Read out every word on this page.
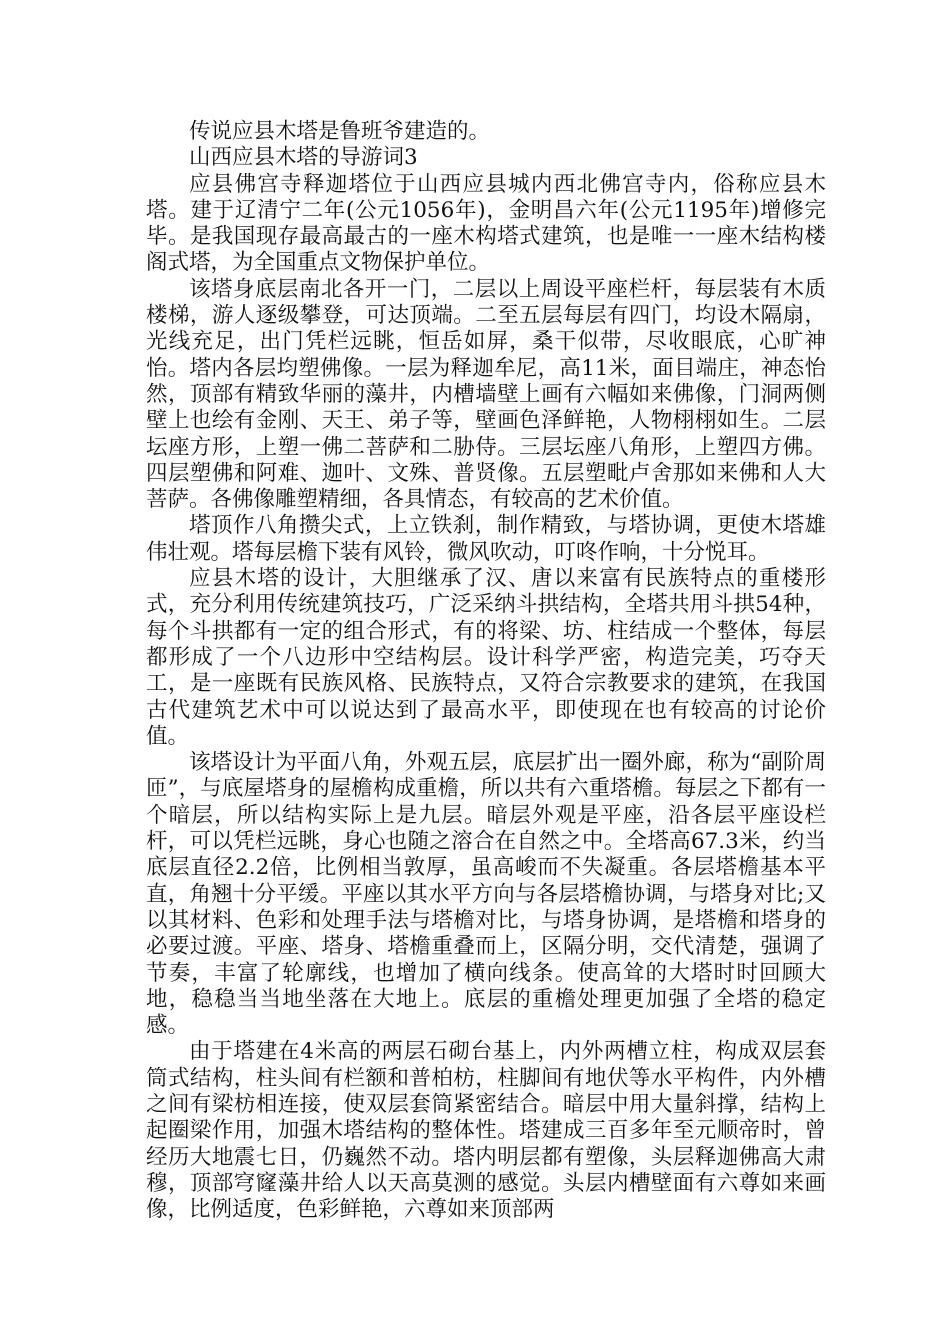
传说应县木塔是鲁班爷建造的。

山西应县木塔的导游词3

应县佛宫寺释迦塔位于山西应县城内西北佛宫寺内，俗称应县木塔。建于辽清宁二年(公元1056年)，金明昌六年(公元1195年)增修完毕。是我国现存最高最古的一座木构塔式建筑，也是唯一一座木结构楼阁式塔，为全国重点文物保护单位。

该塔身底层南北各开一门，二层以上周设平座栏杆，每层装有木质楼梯，游人逐级攀登，可达顶端。二至五层每层有四门，均设木隔扇，光线充足，出门凭栏远眺，恒岳如屏，桑干似带，尽收眼底，心旷神怡。塔内各层均塑佛像。一层为释迦牟尼，高11米，面目端庄，神态怡然，顶部有精致华丽的藻井，内槽墙壁上画有六幅如来佛像，门洞两侧壁上也绘有金刚、天王、弟子等，壁画色泽鲜艳，人物栩栩如生。二层坛座方形，上塑一佛二菩萨和二胁侍。三层坛座八角形，上塑四方佛。四层塑佛和阿难、迦叶、文殊、普贤像。五层塑毗卢舍那如来佛和人大菩萨。各佛像雕塑精细，各具情态，有较高的艺术价值。

塔顶作八角攒尖式，上立铁刹，制作精致，与塔协调，更使木塔雄伟壮观。塔每层檐下装有风铃，微风吹动，叮咚作响，十分悦耳。

应县木塔的设计，大胆继承了汉、唐以来富有民族特点的重楼形式，充分利用传统建筑技巧，广泛采纳斗拱结构，全塔共用斗拱54种，每个斗拱都有一定的组合形式，有的将梁、坊、柱结成一个整体，每层都形成了一个八边形中空结构层。设计科学严密，构造完美，巧夺天工，是一座既有民族风格、民族特点，又符合宗教要求的建筑，在我国古代建筑艺术中可以说达到了最高水平，即使现在也有较高的讨论价值。

该塔设计为平面八角，外观五层，底层扩出一圈外廊，称为“副阶周匝”，与底屋塔身的屋檐构成重檐，所以共有六重塔檐。每层之下都有一个暗层，所以结构实际上是九层。暗层外观是平座，沿各层平座设栏杆，可以凭栏远眺，身心也随之溶合在自然之中。全塔高67.3米，约当底层直径2.2倍，比例相当敦厚，虽高峻而不失凝重。各层塔檐基本平直，角翘十分平缓。平座以其水平方向与各层塔檐协调，与塔身对比;又以其材料、色彩和处理手法与塔檐对比，与塔身协调，是塔檐和塔身的必要过渡。平座、塔身、塔檐重叠而上，区隔分明，交代清楚，强调了节奏，丰富了轮廓线，也增加了横向线条。使高耸的大塔时时回顾大地，稳稳当当地坐落在大地上。底层的重檐处理更加强了全塔的稳定感。

由于塔建在4米高的两层石砌台基上，内外两槽立柱，构成双层套筒式结构，柱头间有栏额和普柏枋，柱脚间有地伏等水平构件，内外槽之间有梁枋相连接，使双层套筒紧密结合。暗层中用大量斜撑，结构上起圈梁作用，加强木塔结构的整体性。塔建成三百多年至元顺帝时，曾经历大地震七日，仍巍然不动。塔内明层都有塑像，头层释迦佛高大肃穆，顶部穹窿藻井给人以天高莫测的感觉。头层内槽壁面有六尊如来画像，比例适度，色彩鲜艳，六尊如来顶部两
